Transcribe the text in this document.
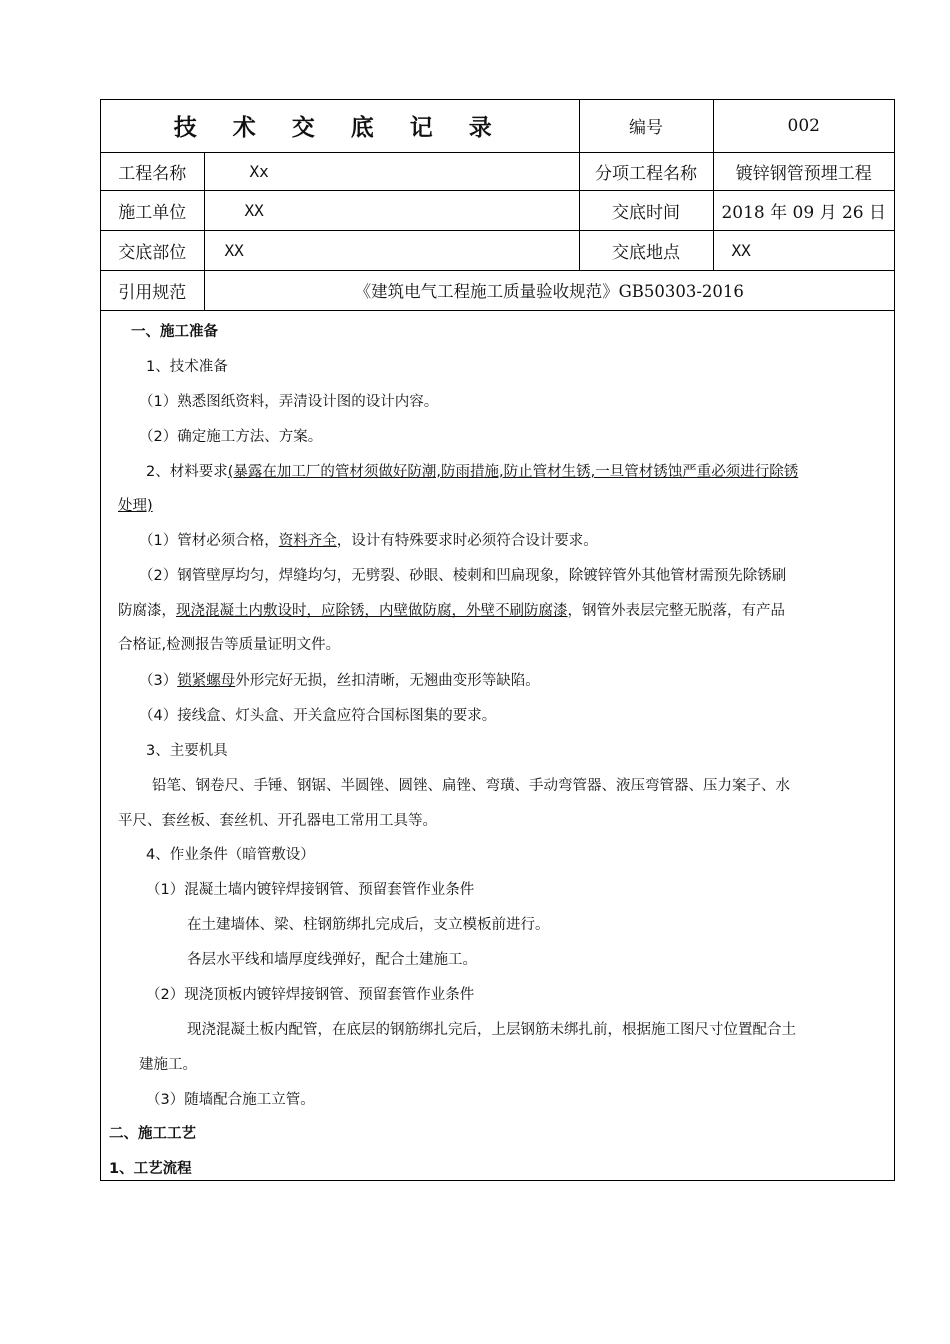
技 术 交 底 记 录		编号	002
工程名称	Xx	分项工程名称	镀锌钢管预埋工程
施工单位	XX	交底时间	2018 年 09 月 26 日
交底部位	XX	交底地点	XX
引用规范	《建筑电气工程施工质量验收规范》GB50303-2016		
一、施工准备
1、技术准备
（1）熟悉图纸资料，弄清设计图的设计内容。
（2）确定施工方法、方案。
2、材料要求(暴露在加工厂的管材须做好防潮,防雨措施,防止管材生锈,一旦管材锈蚀严重必须进行除锈
处理)
（1）管材必须合格，资料齐全，设计有特殊要求时必须符合设计要求。
（2）钢管壁厚均匀，焊缝均匀，无劈裂、砂眼、棱刺和凹扁现象，除镀锌管外其他管材需预先除锈刷
防腐漆，现浇混凝土内敷设时，应除锈，内壁做防腐，外壁不刷防腐漆，钢管外表层完整无脱落，有产品
合格证,检测报告等质量证明文件。
（3）锁紧螺母外形完好无损，丝扣清晰，无翘曲变形等缺陷。
（4）接线盒、灯头盒、开关盒应符合国标图集的要求。
3、主要机具
铅笔、钢卷尺、手锤、钢锯、半圆锉、圆锉、扁锉、弯璜、手动弯管器、液压弯管器、压力案子、水
平尺、套丝板、套丝机、开孔器电工常用工具等。
4、作业条件（暗管敷设）
（1）混凝土墙内镀锌焊接钢管、预留套管作业条件
在土建墙体、梁、柱钢筋绑扎完成后，支立模板前进行。
各层水平线和墙厚度线弹好，配合土建施工。
（2）现浇顶板内镀锌焊接钢管、预留套管作业条件
现浇混凝土板内配管，在底层的钢筋绑扎完后，上层钢筋未绑扎前，根据施工图尺寸位置配合土
建施工。
（3）随墙配合施工立管。
二、施工工艺
1、工艺流程
